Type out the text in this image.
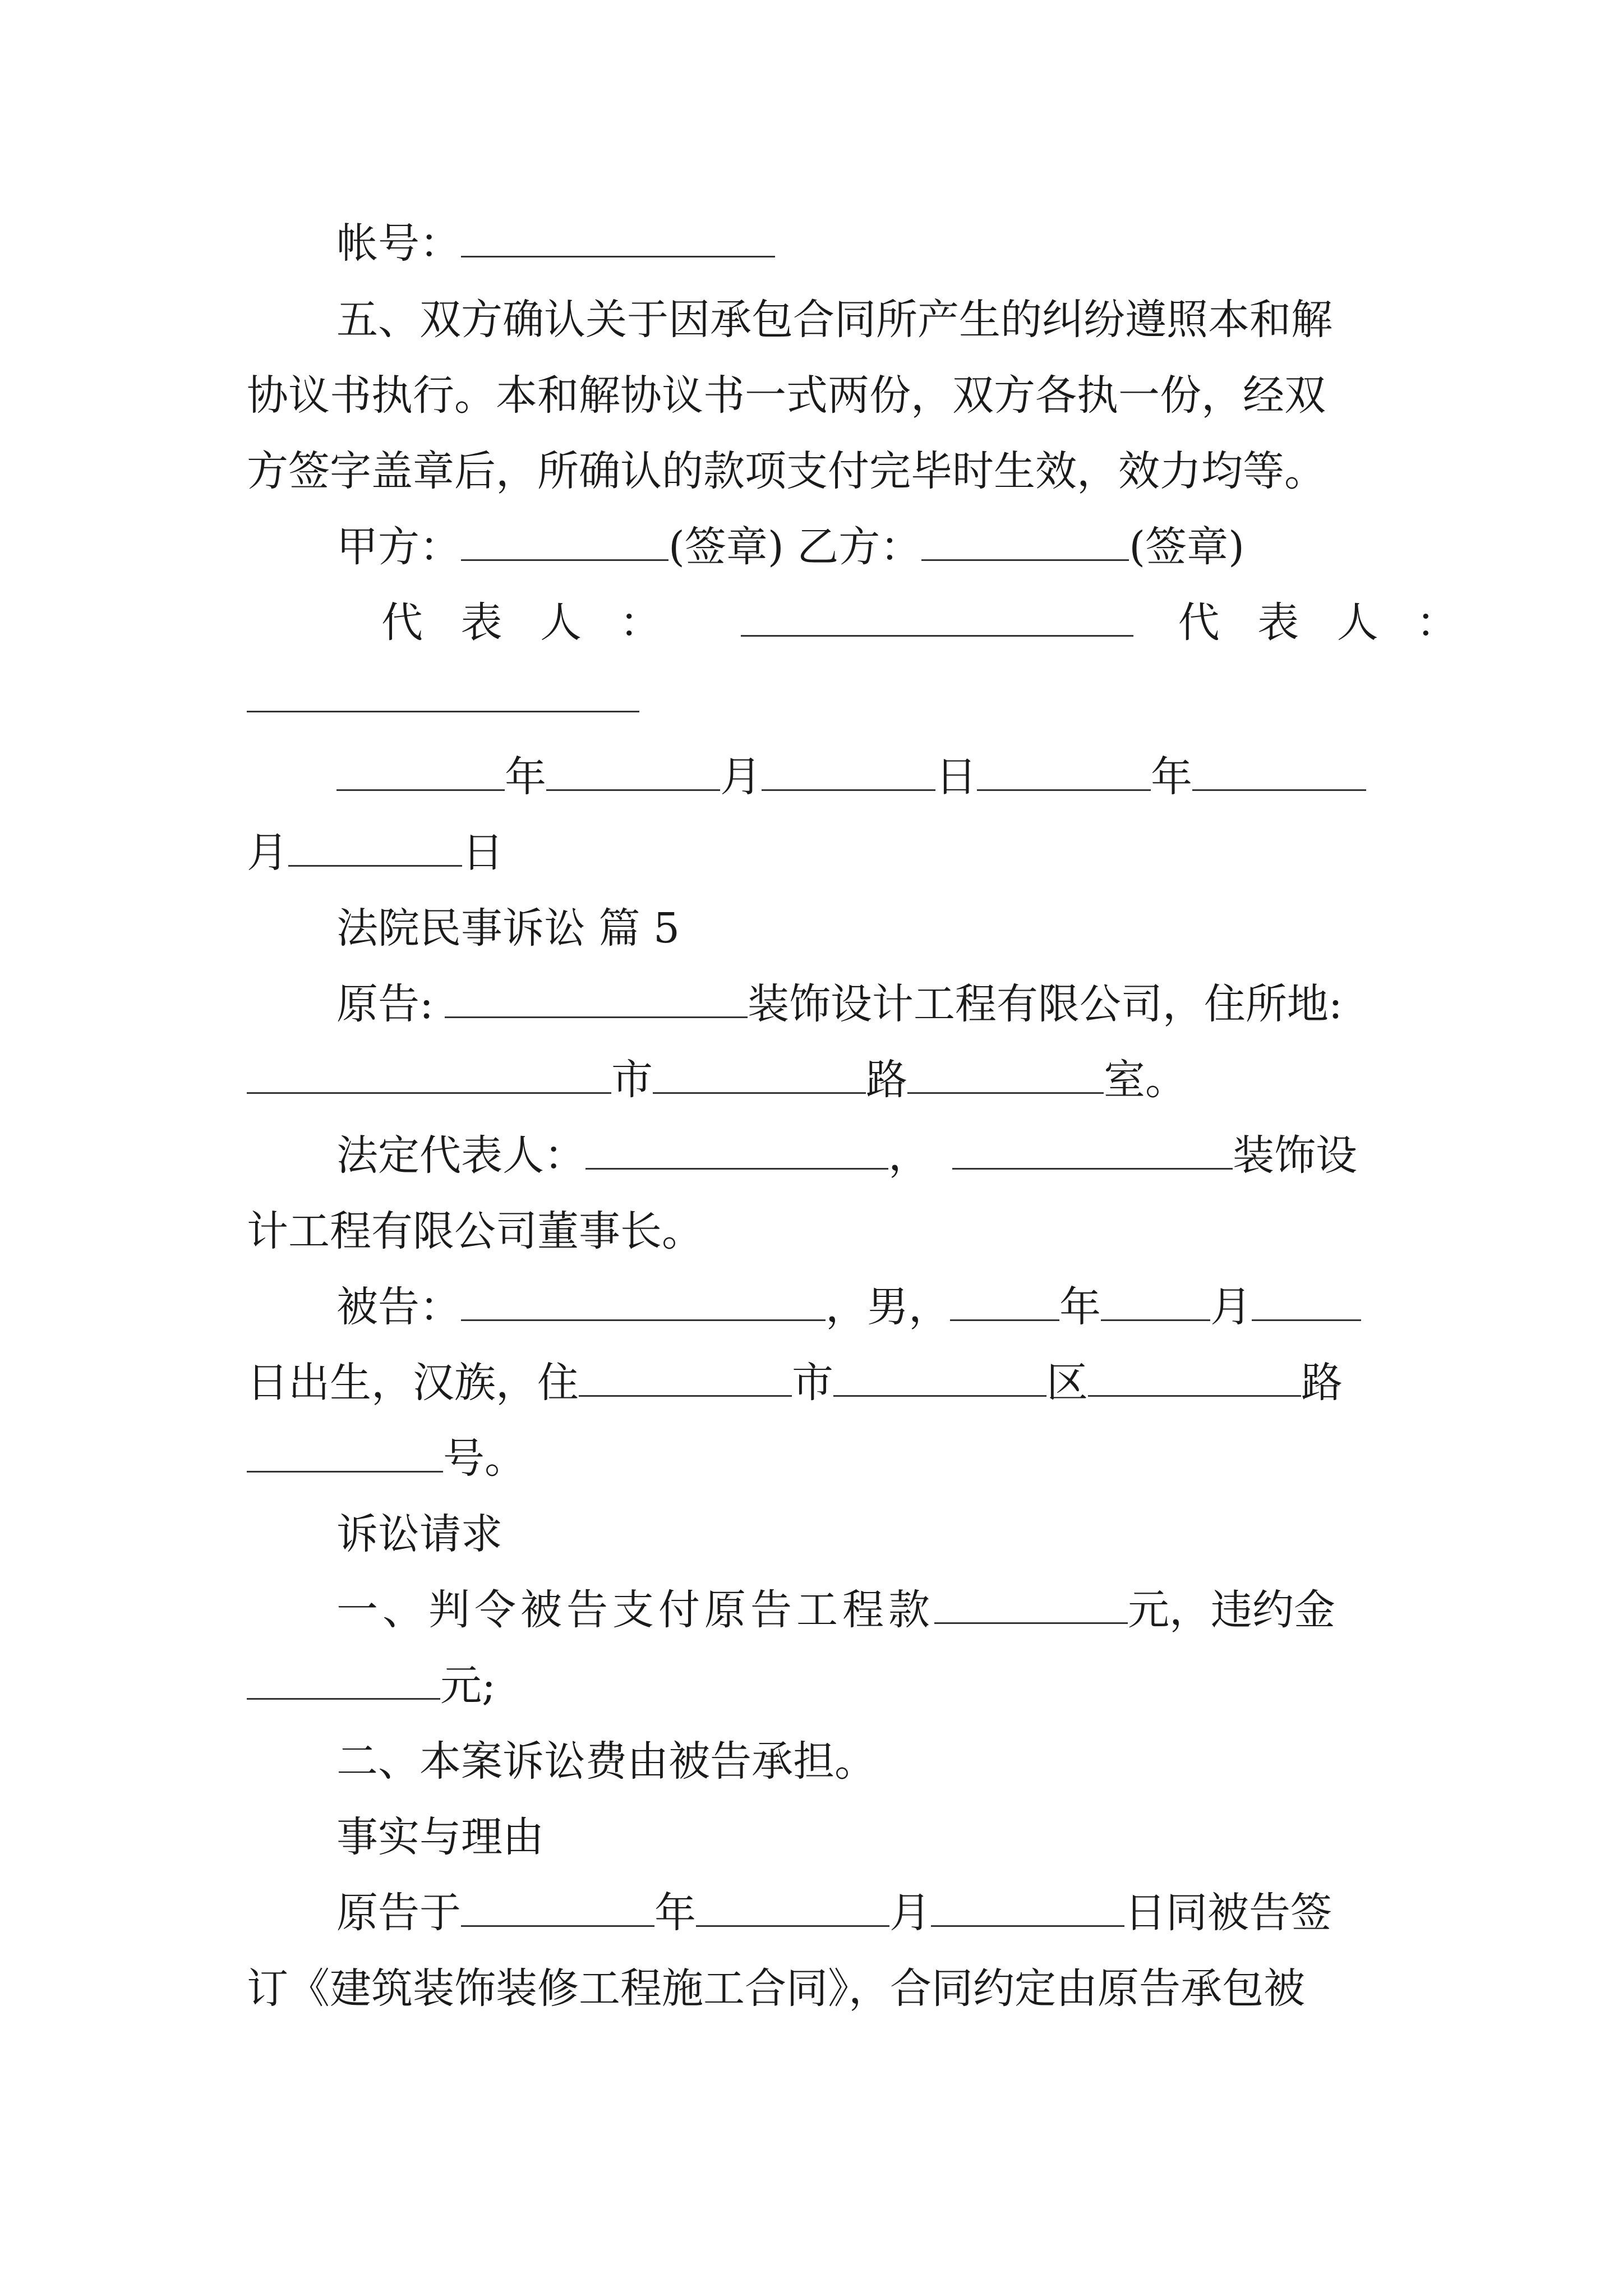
帐号：
五、双方确认关于因承包合同所产生的纠纷遵照本和解
协议书执行。本和解协议书一式两份，双方各执一份，经双
方签字盖章后，所确认的款项支付完毕时生效，效力均等。
甲方：	(签章) 乙方：	(签章)
代 表 人 ：	代 表 人 ：
年	月	日	年
月	日
法院民事诉讼 篇 5
原告:	装饰设计工程有限公司，住所地:
市	路	室。
法定代表人：	，	装饰设
计工程有限公司董事长。
被告：	，男，	年	月
日出生，汉族，住	市	区	路
号。
诉讼请求
一、判令被告支付原告工程款	元，违约金
元;
二、本案诉讼费由被告承担。
事实与理由
原告于	年	月	日同被告签
订《建筑装饰装修工程施工合同》，合同约定由原告承包被
